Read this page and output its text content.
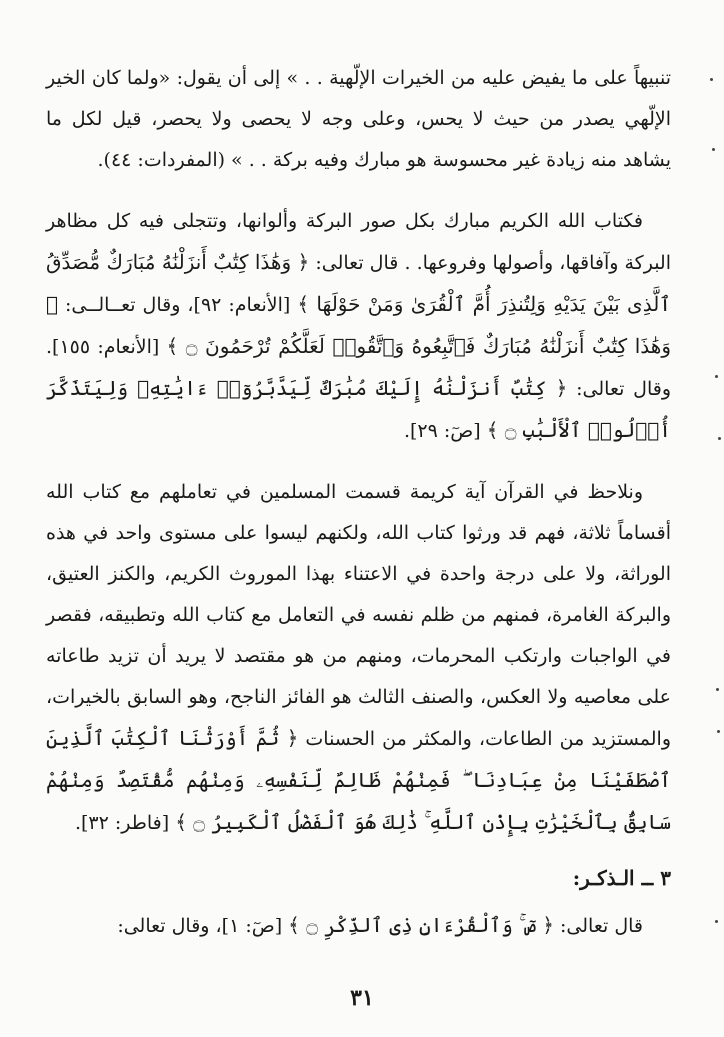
تنبيهاً على ما يفيض عليه من الخيرات الإلّهية . . » إلى أن يقول: «ولما كان الخير الإلّهي يصدر من حيث لا يحس، وعلى وجه لا يحصى ولا يحصر، قيل لكل ما يشاهد منه زيادة غير محسوسة هو مبارك وفيه بركة . . » (المفردات: ٤٤).

فكتاب الله الكريم مبارك بكل صور البركة وألوانها، وتتجلى فيه كل مظاهر البركة وآفاقها، وأصولها وفروعها. . قال تعالى: ﴿ وَهَٰذَا كِتَٰبٌ أَنزَلْنَٰهُ مُبَارَكٌ مُّصَدِّقُ ٱلَّذِى بَيْنَ يَدَيْهِ وَلِتُنذِرَ أُمَّ ٱلْقُرَىٰ وَمَنْ حَوْلَهَا ﴾ [الأنعام: ٩٢]، وقال تعــالــى: ﴿ وَهَٰذَا كِتَٰبٌ أَنزَلْنَٰهُ مُبَارَكٌ فَٱتَّبِعُوهُ وَٱتَّقُوا۟ لَعَلَّكُمْ تُرْحَمُونَ ۝ ﴾ [الأنعام: ١٥٥]. وقال تعالى: ﴿ كِتَٰبٌ أَنزَلْنَٰهُ إِلَيْكَ مُبَٰرَكٌ لِّيَدَّبَّرُوٓا۟ ءَايَٰتِهِۦ وَلِيَتَذَكَّرَ أُو۟لُوا۟ ٱلْأَلْبَٰبِ ۝ ﴾ [صٓ: ٢٩].

ونلاحظ في القرآن آية كريمة قسمت المسلمين في تعاملهم مع كتاب الله أقساماً ثلاثة، فهم قد ورثوا كتاب الله، ولكنهم ليسوا على مستوى واحد في هذه الوراثة، ولا على درجة واحدة في الاعتناء بهذا الموروث الكريم، والكنز العتيق، والبركة الغامرة، فمنهم من ظلم نفسه في التعامل مع كتاب الله وتطبيقه، فقصر في الواجبات وارتكب المحرمات، ومنهم من هو مقتصد لا يريد أن تزيد طاعاته على معاصيه ولا العكس، والصنف الثالث هو الفائز الناجح، وهو السابق بالخيرات، والمستزيد من الطاعات، والمكثر من الحسنات ﴿ ثُمَّ أَوْرَثْنَا ٱلْكِتَٰبَ ٱلَّذِينَ ٱصْطَفَيْنَا مِنْ عِبَادِنَا ۖ فَمِنْهُمْ ظَالِمٌ لِّنَفْسِهِۦ وَمِنْهُم مُّقْتَصِدٌ وَمِنْهُمْ سَابِقٌۢ بِٱلْخَيْرَٰتِ بِإِذْنِ ٱللَّهِ ۚ ذَٰلِكَ هُوَ ٱلْفَضْلُ ٱلْكَبِيرُ ۝ ﴾ [فاطر: ٣٢].

٣ ــ الـذكـر:

قال تعالى: ﴿ صٓ ۚ وَٱلْقُرْءَانِ ذِى ٱلذِّكْرِ ۝ ﴾ [صٓ: ١]، وقال تعالى:

٣١
